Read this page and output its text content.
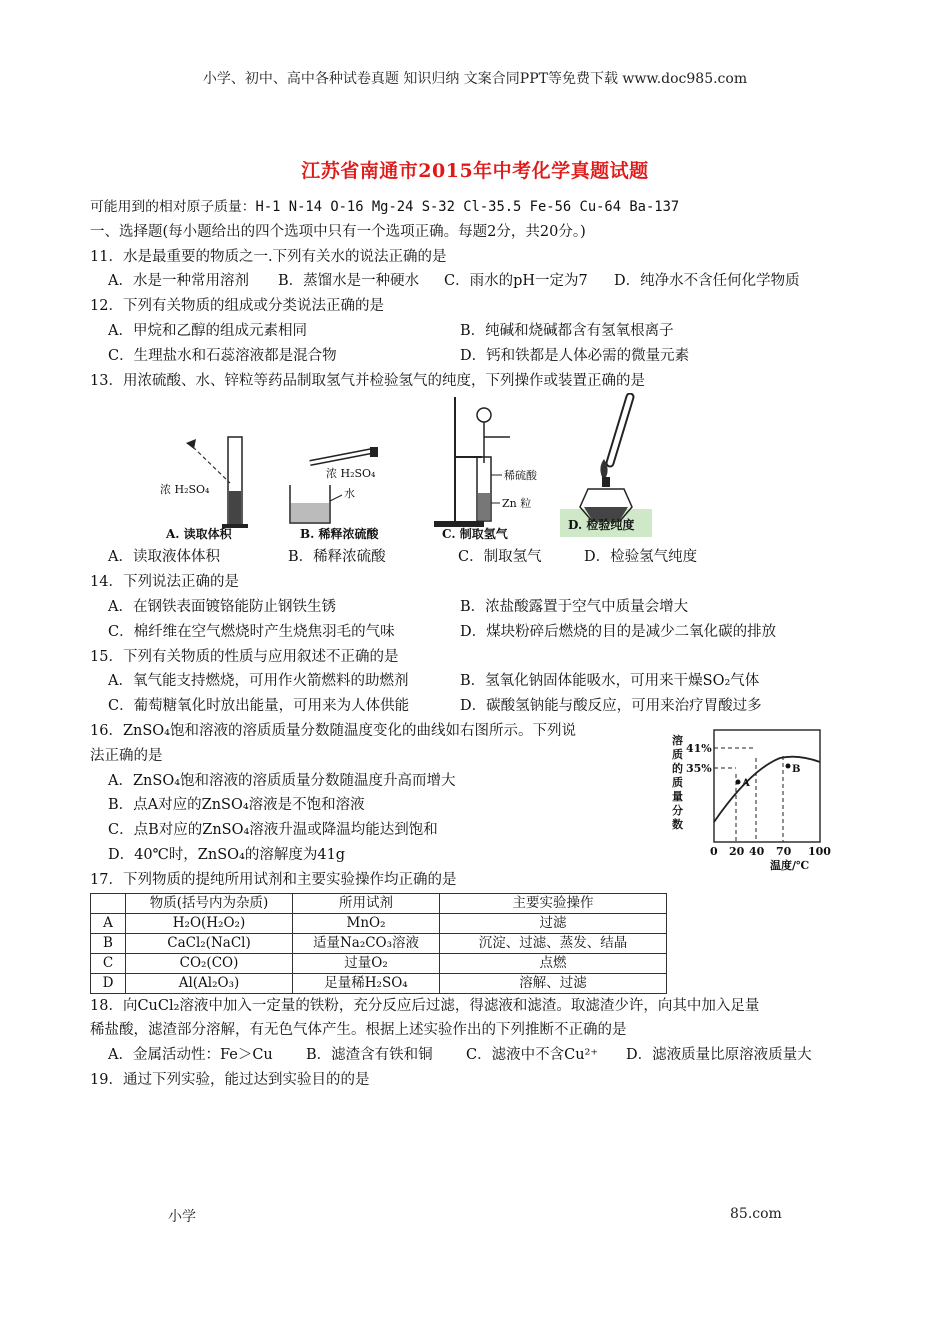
小学、初中、高中各种试卷真题 知识归纳 文案合同PPT等免费下载 www.doc985.com
江苏省南通市2015年中考化学真题试题
可能用到的相对原子质量：H-1 N-14 O-16 Mg-24 S-32 Cl-35.5 Fe-56 Cu-64 Ba-137
一、选择题(每小题给出的四个选项中只有一个选项正确。每题2分，共20分。)
11．水是最重要的物质之一.下列有关水的说法正确的是
A．水是一种常用溶剂 B．蒸馏水是一种硬水 C．雨水的pH一定为7 D．纯净水不含任何化学物质
12．下列有关物质的组成或分类说法正确的是
A．甲烷和乙醇的组成元素相同	B．纯碱和烧碱都含有氢氧根离子
C．生理盐水和石蕊溶液都是混合物	D．钙和铁都是人体必需的微量元素
13．用浓硫酸、水、锌粒等药品制取氢气并检验氢气的纯度，下列操作或装置正确的是
浓 H₂SO₄
A. 读取体积
水
浓 H₂SO₄
B. 稀释浓硫酸
稀硫酸
Zn 粒
C. 制取氢气
D. 检验纯度
A．读取液体体积	B．稀释浓硫酸	C．制取氢气	D．检验氢气纯度
14．下列说法正确的是
A．在钢铁表面镀铬能防止钢铁生锈	B．浓盐酸露置于空气中质量会增大
C．棉纤维在空气燃烧时产生烧焦羽毛的气味	D．煤块粉碎后燃烧的目的是减少二氧化碳的排放
15．下列有关物质的性质与应用叙述不正确的是
A．氧气能支持燃烧，可用作火箭燃料的助燃剂	B．氢氧化钠固体能吸水，可用来干燥SO₂气体
C．葡萄糖氧化时放出能量，可用来为人体供能	D．碳酸氢钠能与酸反应，可用来治疗胃酸过多
16．ZnSO₄饱和溶液的溶质质量分数随温度变化的曲线如右图所示。下列说
法正确的是
A．ZnSO₄饱和溶液的溶质质量分数随温度升高而增大
B．点A对应的ZnSO₄溶液是不饱和溶液
C．点B对应的ZnSO₄溶液升温或降温均能达到饱和
D．40℃时，ZnSO₄的溶解度为41g
17．下列物质的提纯所用试剂和主要实验操作均正确的是
	物质(括号内为杂质)	所用试剂	主要实验操作
A	H₂O(H₂O₂)	MnO₂	过滤
B	CaCl₂(NaCl)	适量Na₂CO₃溶液	沉淀、过滤、蒸发、结晶
C	CO₂(CO)	过量O₂	点燃
D	Al(Al₂O₃)	足量稀H₂SO₄	溶解、过滤
18．向CuCl₂溶液中加入一定量的铁粉，充分反应后过滤，得滤液和滤渣。取滤渣少许，向其中加入足量
稀盐酸，滤渣部分溶解，有无色气体产生。根据上述实验作出的下列推断不正确的是
A．金属活动性：Fe＞Cu B．滤渣含有铁和铜 C．滤液中不含Cu²⁺ D．滤液质量比原溶液质量大
19．通过下列实验，能过达到实验目的的是
溶 质 的 质 量 分 数
A
B
41%
35%
0 20 40 70 100
温度/℃
小学	85.com
